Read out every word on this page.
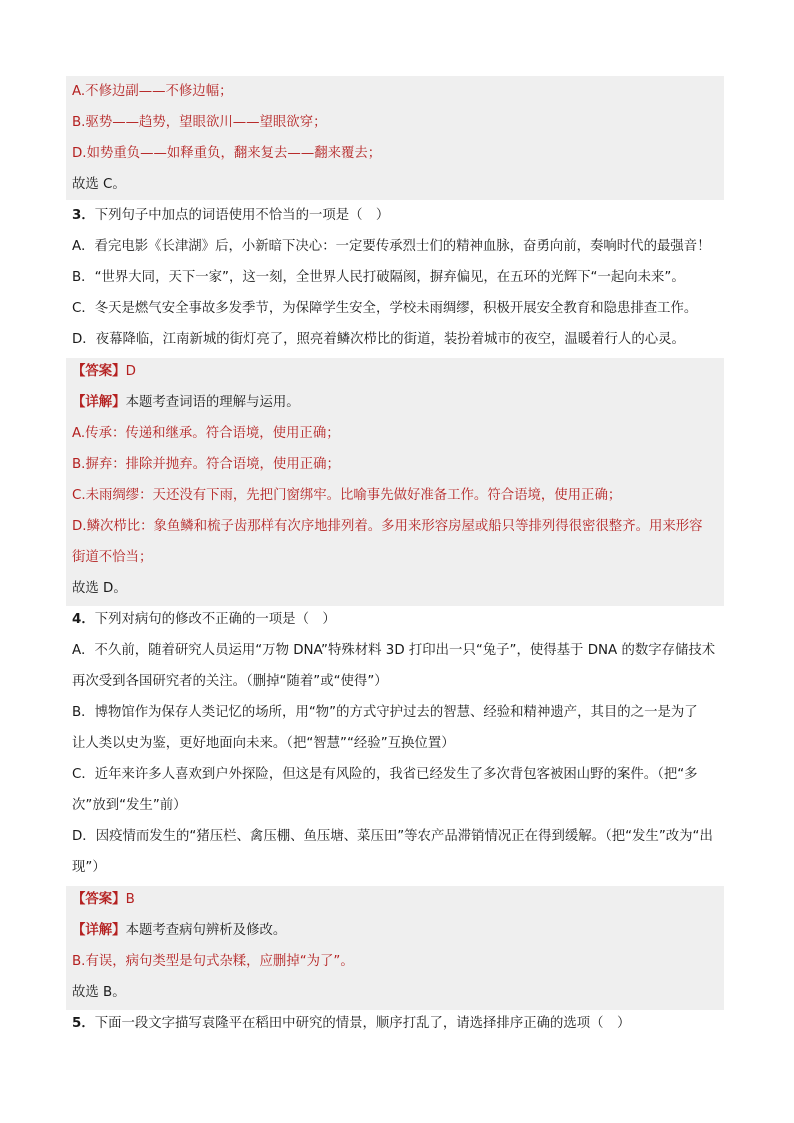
A.不修边副——不修边幅；
B.驱势——趋势，望眼欲川——望眼欲穿；
D.如势重负——如释重负，翻来复去——翻来覆去；
故选 C。
3．下列句子中加点的词语使用不恰当的一项是（　）
A．看完电影《长津湖》后，小新暗下决心：一定要传承烈士们的精神血脉，奋勇向前，奏响时代的最强音！
B．“世界大同，天下一家”，这一刻，全世界人民打破隔阂，摒弃偏见，在五环的光辉下“一起向未来”。
C．冬天是燃气安全事故多发季节，为保障学生安全，学校未雨绸缪，积极开展安全教育和隐患排查工作。
D．夜幕降临，江南新城的街灯亮了，照亮着鳞次栉比的街道，装扮着城市的夜空，温暖着行人的心灵。
【答案】D
【详解】本题考查词语的理解与运用。
A.传承：传递和继承。符合语境，使用正确；
B.摒弃：排除并抛弃。符合语境，使用正确；
C.未雨绸缪：天还没有下雨，先把门窗绑牢。比喻事先做好准备工作。符合语境，使用正确；
D.鳞次栉比：象鱼鳞和梳子齿那样有次序地排列着。多用来形容房屋或船只等排列得很密很整齐。用来形容
街道不恰当；
故选 D。
4．下列对病句的修改不正确的一项是（　）
A．不久前，随着研究人员运用“万物 DNA”特殊材料 3D 打印出一只“兔子”，使得基于 DNA 的数字存储技术
再次受到各国研究者的关注。（删掉“随着”或“使得”）
B．博物馆作为保存人类记忆的场所，用“物”的方式守护过去的智慧、经验和精神遗产，其目的之一是为了
让人类以史为鉴，更好地面向未来。（把“智慧”“经验”互换位置）
C．近年来许多人喜欢到户外探险，但这是有风险的，我省已经发生了多次背包客被困山野的案件。（把“多
次”放到“发生”前）
D．因疫情而发生的“猪压栏、禽压棚、鱼压塘、菜压田”等农产品滞销情况正在得到缓解。（把“发生”改为“出
现”）
【答案】B
【详解】本题考查病句辨析及修改。
B.有误，病句类型是句式杂糅，应删掉“为了”。
故选 B。
5．下面一段文字描写袁隆平在稻田中研究的情景，顺序打乱了，请选择排序正确的选项（　）
